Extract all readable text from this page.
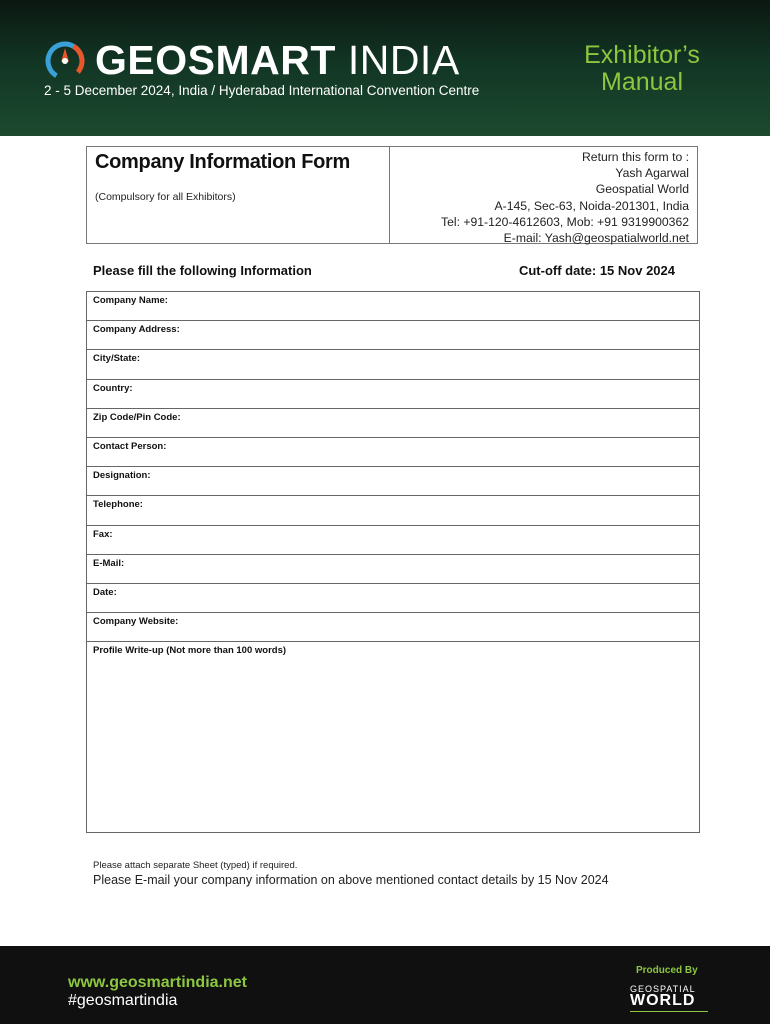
GEOSMART INDIA
2 - 5 December 2024, India / Hyderabad International Convention Centre
Exhibitor’s
Manual
Company Information Form
(Compulsory for all Exhibitors)
Return this form to :
Yash Agarwal
Geospatial World
A-145, Sec-63, Noida-201301, India
Tel: +91-120-4612603, Mob: +91 9319900362
E-mail: Yash@geospatialworld.net
Please fill the following Information	Cut-off date: 15 Nov 2024
Company Name:
Company Address:
City/State:
Country:
Zip Code/Pin Code:
Contact Person:
Designation:
Telephone:
Fax:
E-Mail:
Date:
Company Website:
Profile Write-up (Not more than 100 words)
Please attach separate Sheet (typed) if required.
Please E-mail your company information on above mentioned contact details by 15 Nov 2024
www.geosmartindia.net
#geosmartindia
Produced By
GEOSPATIAL
WORLD
